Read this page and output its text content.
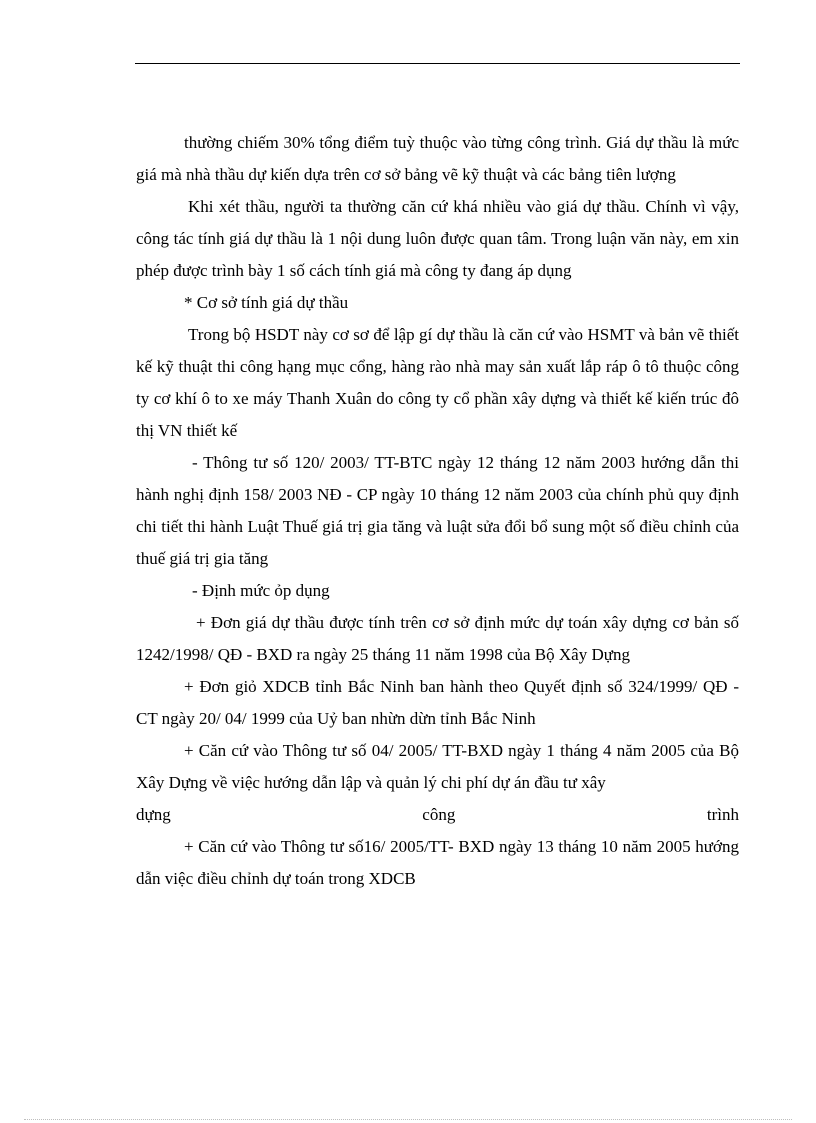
thường chiếm 30% tổng điểm tuỳ thuộc vào từng công trình. Giá dự thầu là mức giá mà nhà thầu dự kiến dựa trên cơ sở bảng vẽ kỹ thuật và các bảng tiên lượng

Khi xét thầu, người ta thường căn cứ khá nhiều vào giá dự thầu. Chính vì vậy, công tác tính giá dự thầu là 1 nội dung luôn được quan tâm. Trong luận văn này, em xin phép được trình bày 1 số cách tính giá mà công ty đang áp dụng

* Cơ sở tính giá dự thầu

Trong bộ HSDT này cơ sơ để lập gí dự thầu là căn cứ vào HSMT và bản vẽ thiết kế kỹ thuật thi công hạng mục cổng, hàng rào nhà may sản xuất lắp ráp ô tô thuộc công ty cơ khí ô to xe máy Thanh Xuân do công ty cổ phần xây dựng và thiết kế kiến trúc đô thị VN thiết kế

- Thông tư số 120/ 2003/ TT-BTC ngày 12 tháng 12 năm 2003 hướng dẫn thi hành nghị định 158/ 2003 NĐ - CP ngày 10 tháng 12 năm 2003 của chính phủ quy định chi tiết thi hành Luật Thuế giá trị gia tăng và luật sửa đổi bổ sung một số điều chỉnh của thuế giá trị gia tăng

- Định mức ỏp dụng

+ Đơn giá dự thầu được tính trên cơ sở định mức dự toán xây dựng cơ bản số 1242/1998/ QĐ - BXD ra ngày 25 tháng 11 năm 1998 của Bộ Xây Dựng

+ Đơn giỏ XDCB tỉnh Bắc Ninh ban hành theo Quyết định số 324/1999/ QĐ - CT ngày 20/ 04/ 1999 của Uỷ ban nhừn dừn tỉnh Bắc Ninh

+ Căn cứ vào Thông tư số 04/ 2005/ TT-BXD ngày 1 tháng 4 năm 2005 của Bộ Xây Dựng về việc hướng dẫn lập và quản lý chi phí dự án đầu tư xây

dựng	công	trình

+ Căn cứ vào Thông tư số16/ 2005/TT- BXD ngày 13 tháng 10 năm 2005 hướng dẫn việc điều chỉnh dự toán trong XDCB
